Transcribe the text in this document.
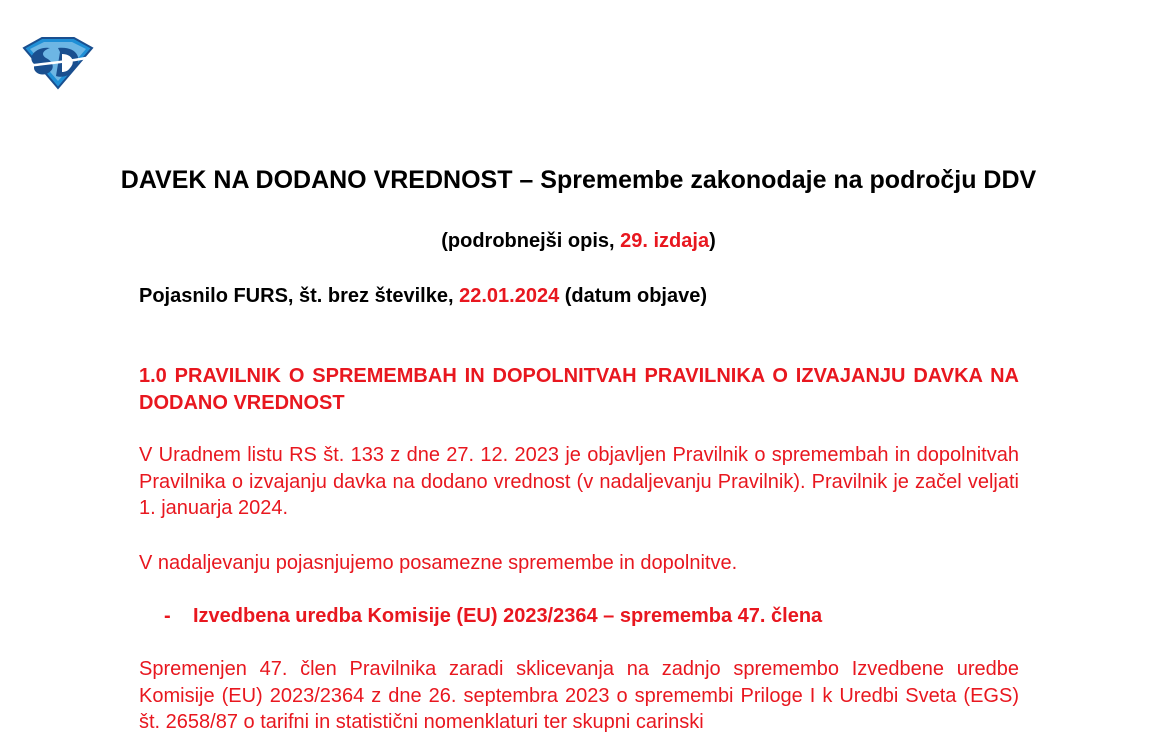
DAVEK NA DODANO VREDNOST – Spremembe zakonodaje na področju DDV
(podrobnejši opis, 29. izdaja)
Pojasnilo FURS, št. brez številke, 22.01.2024 (datum objave)
1.0 PRAVILNIK O SPREMEMBAH IN DOPOLNITVAH PRAVILNIKA O IZVAJANJU DAVKA NA DODANO VREDNOST
V Uradnem listu RS št. 133 z dne 27. 12. 2023 je objavljen Pravilnik o spremembah in dopolnitvah Pravilnika o izvajanju davka na dodano vrednost (v nadaljevanju Pravilnik). Pravilnik je začel veljati 1. januarja 2024.
V nadaljevanju pojasnjujemo posamezne spremembe in dopolnitve.
- Izvedbena uredba Komisije (EU) 2023/2364 – sprememba 47. člena
Spremenjen 47. člen Pravilnika zaradi sklicevanja na zadnjo spremembo Izvedbene uredbe Komisije (EU) 2023/2364 z dne 26. septembra 2023 o spremembi Priloge I k Uredbi Sveta (EGS) št. 2658/87 o tarifni in statistični nomenklaturi ter skupni carinski
